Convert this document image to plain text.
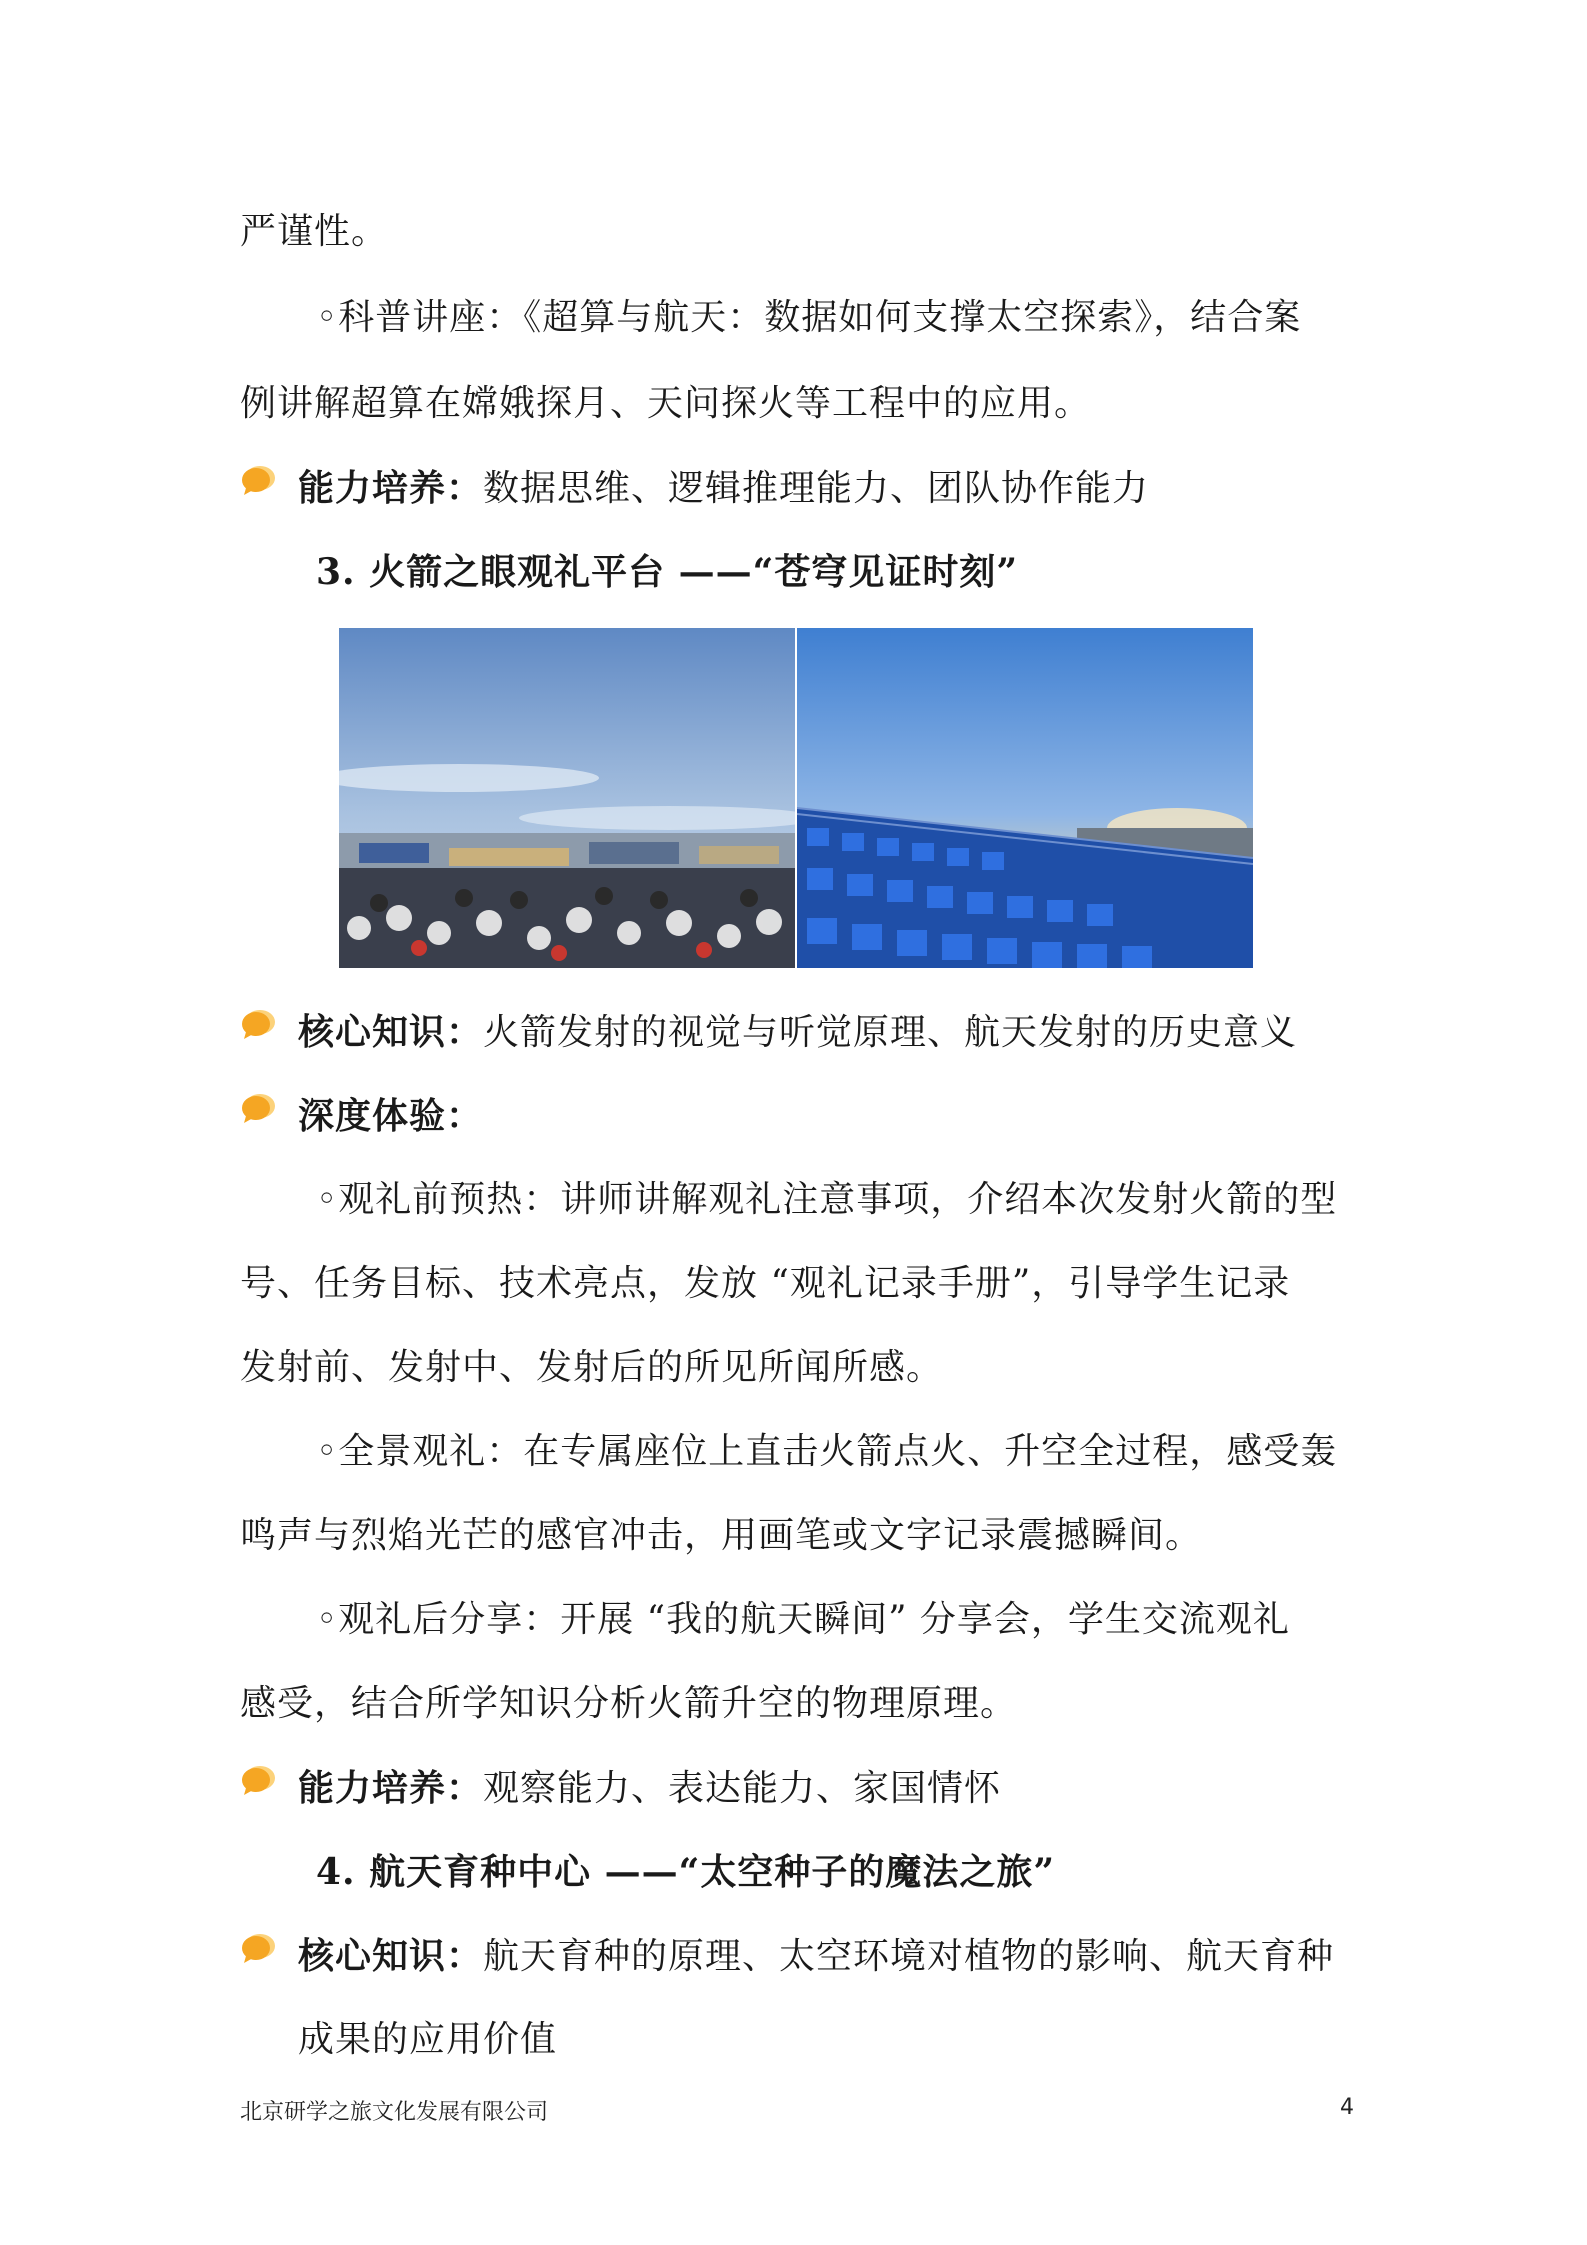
严谨性。
◦科普讲座：《超算与航天：数据如何支撑太空探索》，结合案
例讲解超算在嫦娥探月、天问探火等工程中的应用。
能力培养：数据思维、逻辑推理能力、团队协作能力
3. 火箭之眼观礼平台 ——“苍穹见证时刻”
核心知识：火箭发射的视觉与听觉原理、航天发射的历史意义
深度体验：
◦观礼前预热：讲师讲解观礼注意事项，介绍本次发射火箭的型
号、任务目标、技术亮点，发放 “观礼记录手册”，引导学生记录
发射前、发射中、发射后的所见所闻所感。
◦全景观礼：在专属座位上直击火箭点火、升空全过程，感受轰
鸣声与烈焰光芒的感官冲击，用画笔或文字记录震撼瞬间。
◦观礼后分享：开展 “我的航天瞬间” 分享会，学生交流观礼
感受，结合所学知识分析火箭升空的物理原理。
能力培养：观察能力、表达能力、家国情怀
4. 航天育种中心 ——“太空种子的魔法之旅”
核心知识：航天育种的原理、太空环境对植物的影响、航天育种
成果的应用价值
北京研学之旅文化发展有限公司	4
